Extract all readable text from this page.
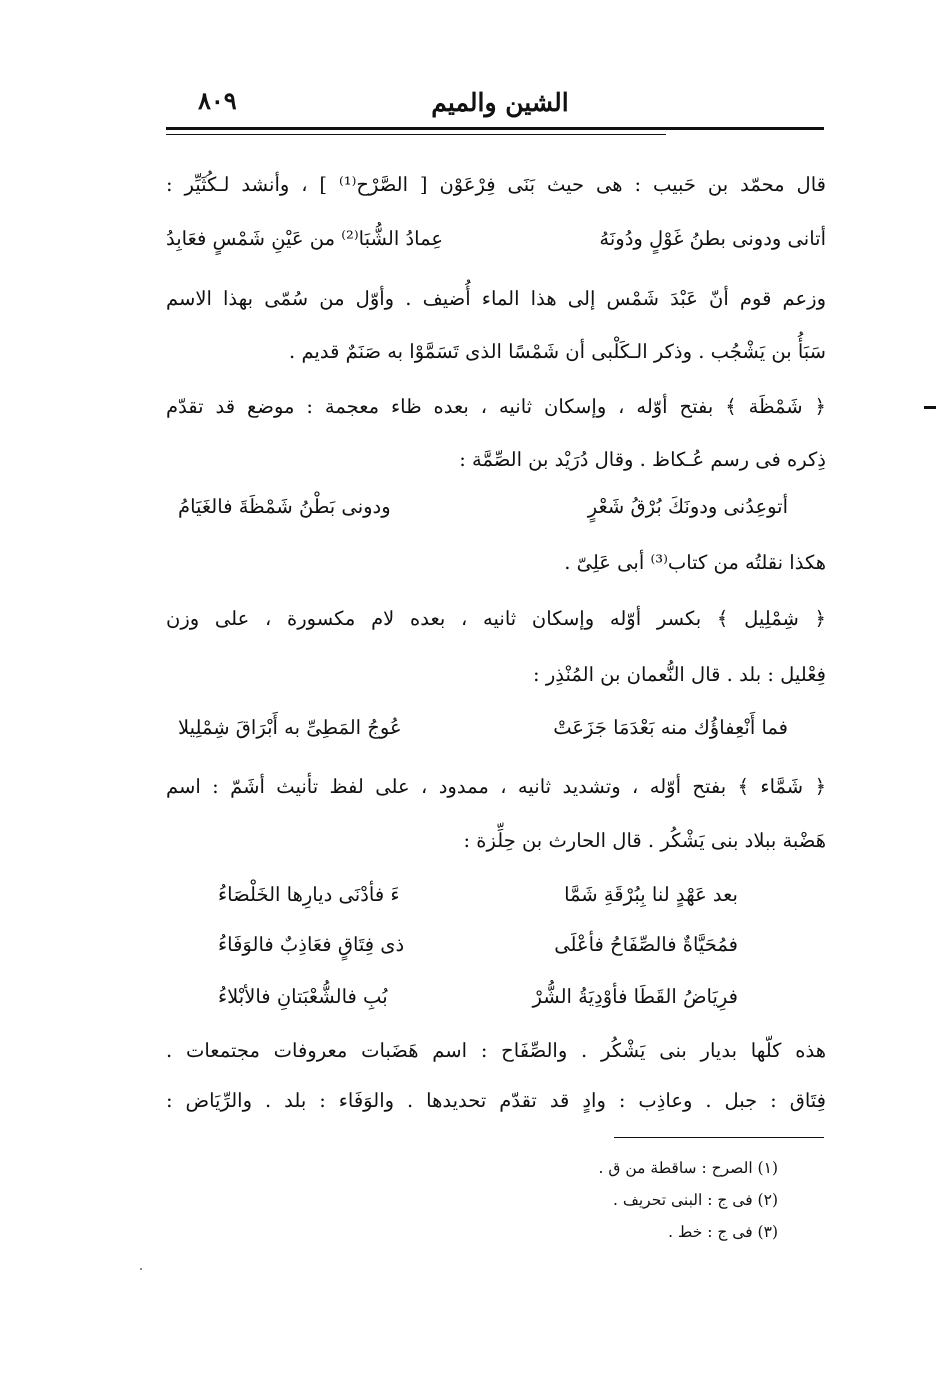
الشين والميم
٨٠٩
قال محمّد بن حَبيب : هى حيث بَنَى فِرْعَوْن [ الصَّرْح⁽¹⁾ ] ، وأنشد لـكُثَيِّر :
أتانى ودونى بطنُ غَوْلٍ ودُونَهُعِمادُ الشُّبَا⁽²⁾ من عَيْنِ شَمْسٍ فعَابِدُ
وزعم قوم أنّ عَبْدَ شَمْس إلى هذا الماء أُضيف . وأوّل من سُمّى بهذا الاسم
سَبَأُ بن يَشْجُب . وذكر الـكَلْبى أن شَمْسًا الذى تَسَمَّوْا به صَنَمٌ قديم .
﴿ شَمْظَة ﴾ بفتح أوّله ، وإسكان ثانيه ، بعده ظاء معجمة : موضع قد تقدّم
ذِكره فى رسم عُـكاظ . وقال دُرَيْد بن الصِّمَّة :
أتوعِدُنى ودونَكَ بُرْقُ شَعْرٍودونى بَطْنُ شَمْظَةَ فالغَيَامُ
هكذا نقلتُه من كتاب⁽³⁾ أبى عَلِىّ .
﴿ شِمْلِيل ﴾ بكسر أوّله وإسكان ثانيه ، بعده لام مكسورة ، على وزن
فِعْليل : بلد . قال النُّعمان بن المُنْذِر :
فما أَنْعِفاؤُك منه بَعْدَمَا جَزَعَتْعُوجُ المَطِىِّ به أَبْرَاقَ شِمْلِيلا
﴿ شَمَّاء ﴾ بفتح أوّله ، وتشديد ثانيه ، ممدود ، على لفظ تأنيث أشَمّ : اسم
هَضْبة ببلاد بنى يَشْكُر . قال الحارث بن حِلِّزة :
بعد عَهْدٍ لنا بِبُرْقَةِ شَمَّاءَ فأدْنَى ديارِها الخَلْصَاءُ
فمُحَيَّاةٌ فالصِّفَاحُ فأعْلَىذى فِتَاقٍ فعَاذِبٌ فالوَفَاءُ
فرِيَاضُ القَطَا فأوْدِيَةُ الشُّرْبُبِ فالشُّعْبَتانِ فالأبْلاءُ
هذه كلّها بديار بنى يَشْكُر . والصِّفَاح : اسم هَضَبات معروفات مجتمعات .
فِتَاق : جبل . وعاذِب : وادٍ قد تقدّم تحديدها . والوَفَاء : بلد . والرِّيَاض :
(١) الصرح : ساقطة من ق .
(٢) فى ج : البنى تحريف .
(٣) فى ج : خط .
